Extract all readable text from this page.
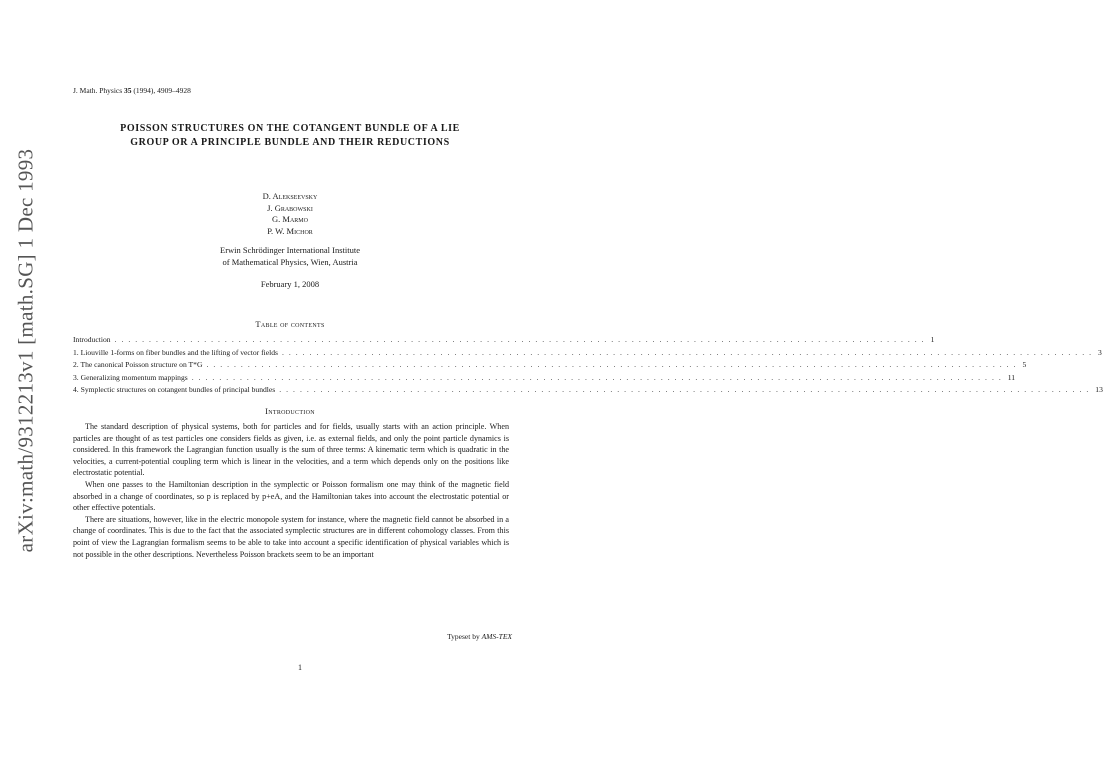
arXiv:math/9312213v1 [math.SG] 1 Dec 1993
J. Math. Physics 35 (1994), 4909–4928
POISSON STRUCTURES ON THE COTANGENT BUNDLE OF A LIE GROUP OR A PRINCIPLE BUNDLE AND THEIR REDUCTIONS
D. Alekseevsky
J. Grabowski
G. Marmo
P. W. Michor
Erwin Schrödinger International Institute
of Mathematical Physics, Wien, Austria
February 1, 2008
Table of contents
Introduction ...................................................................................................................... 1
1. Liouville 1-forms on fiber bundles and the lifting of vector fields ...................................................................................................................... 3
2. The canonical Poisson structure on T*G ...................................................................................................................... 5
3. Generalizing momentum mappings ...................................................................................................................... 11
4. Symplectic structures on cotangent bundles of principal bundles ...................................................................................................................... 13
Introduction

The standard description of physical systems, both for particles and for fields, usually starts with an action principle. When particles are thought of as test particles one considers fields as given, i.e. as external fields, and only the point particle dynamics is considered. In this framework the Lagrangian function usually is the sum of three terms: A kinematic term which is quadratic in the velocities, a current-potential coupling term which is linear in the velocities, and a term which depends only on the positions like electrostatic potential.

When one passes to the Hamiltonian description in the symplectic or Poisson formalism one may think of the magnetic field absorbed in a change of coordinates, so p is replaced by p+eA, and the Hamiltonian takes into account the electrostatic potential or other effective potentials.

There are situations, however, like in the electric monopole system for instance, where the magnetic field cannot be absorbed in a change of coordinates. This is due to the fact that the associated symplectic structures are in different cohomology classes. From this point of view the Lagrangian formalism seems to be able to take into account a specific identification of physical variables which is not possible in the other descriptions. Nevertheless Poisson brackets seem to be an important

Typeset by AMS-TEX
1
